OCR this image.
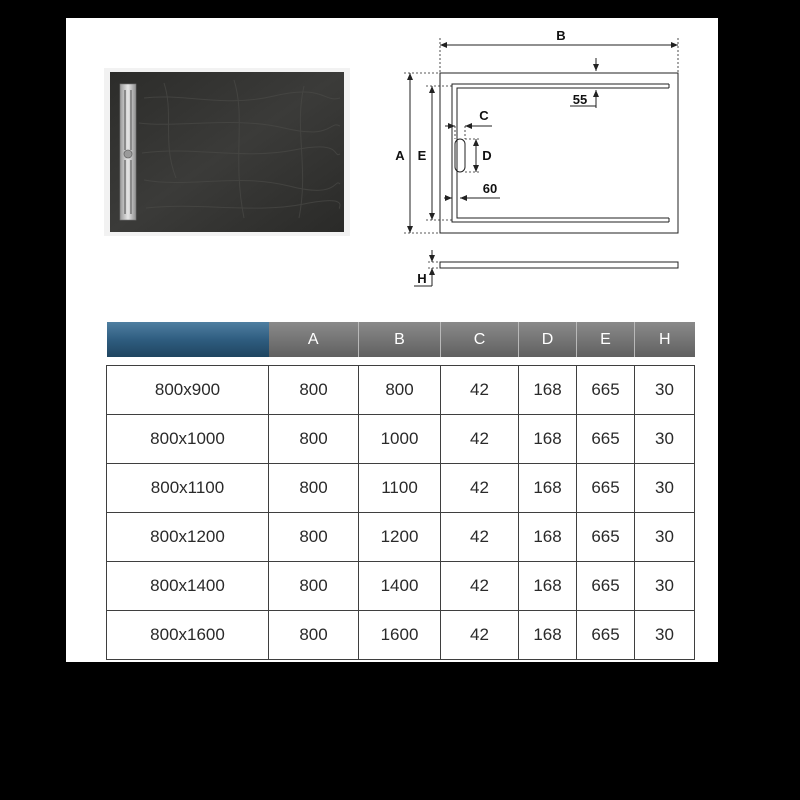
B
A E
55
C
D
60
H
	A	B	C	D	E	H

800x900	800	800	42	168	665	30
800x1000	800	1000	42	168	665	30
800x1100	800	1100	42	168	665	30
800x1200	800	1200	42	168	665	30
800x1400	800	1400	42	168	665	30
800x1600	800	1600	42	168	665	30
